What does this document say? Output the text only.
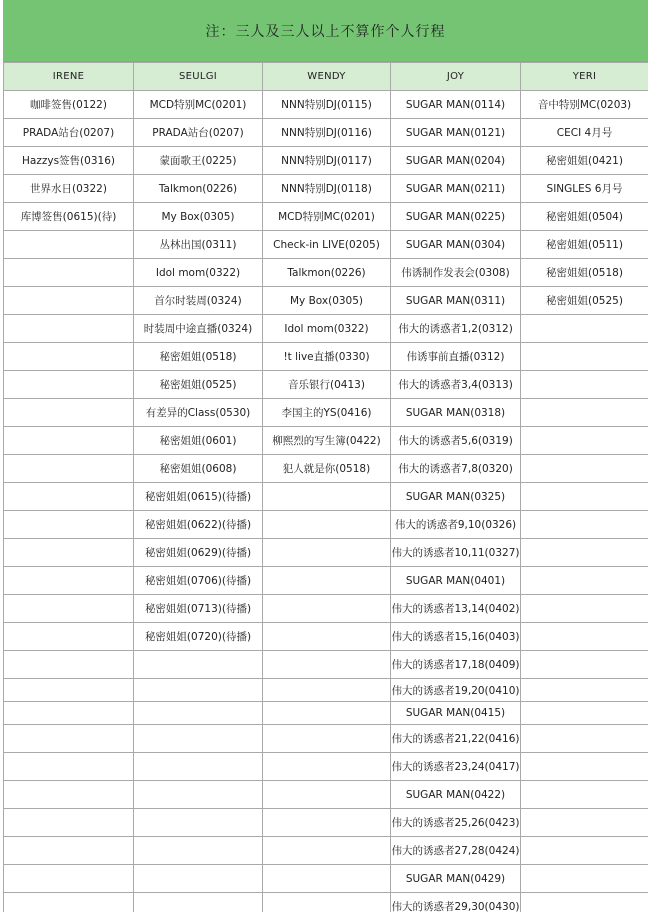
注：三人及三人以上不算作个人行程
IRENE	SEULGI	WENDY	JOY	YERI
咖啡签售(0122)	MCD特别MC(0201)	NNN特别DJ(0115)	SUGAR MAN(0114)	音中特别MC(0203)
PRADA站台(0207)	PRADA站台(0207)	NNN特别DJ(0116)	SUGAR MAN(0121)	CECI 4月号
Hazzys签售(0316)	蒙面歌王(0225)	NNN特别DJ(0117)	SUGAR MAN(0204)	秘密姐姐(0421)
世界水日(0322)	Talkmon(0226)	NNN特别DJ(0118)	SUGAR MAN(0211)	SINGLES 6月号
库博签售(0615)(待)	My Box(0305)	MCD特别MC(0201)	SUGAR MAN(0225)	秘密姐姐(0504)
	丛林出国(0311)	Check-in LIVE(0205)	SUGAR MAN(0304)	秘密姐姐(0511)
	Idol mom(0322)	Talkmon(0226)	伟诱制作发表会(0308)	秘密姐姐(0518)
	首尔时装周(0324)	My Box(0305)	SUGAR MAN(0311)	秘密姐姐(0525)
	时装周中途直播(0324)	Idol mom(0322)	伟大的诱惑者1,2(0312)	
	秘密姐姐(0518)	!t live直播(0330)	伟诱事前直播(0312)	
	秘密姐姐(0525)	音乐银行(0413)	伟大的诱惑者3,4(0313)	
	有差异的Class(0530)	李国主的YS(0416)	SUGAR MAN(0318)	
	秘密姐姐(0601)	柳熙烈的写生簿(0422)	伟大的诱惑者5,6(0319)	
	秘密姐姐(0608)	犯人就是你(0518)	伟大的诱惑者7,8(0320)	
	秘密姐姐(0615)(待播)		SUGAR MAN(0325)	
	秘密姐姐(0622)(待播)		伟大的诱惑者9,10(0326)	
	秘密姐姐(0629)(待播)		伟大的诱惑者10,11(0327)	
	秘密姐姐(0706)(待播)		SUGAR MAN(0401)	
	秘密姐姐(0713)(待播)		伟大的诱惑者13,14(0402)	
	秘密姐姐(0720)(待播)		伟大的诱惑者15,16(0403)	
			伟大的诱惑者17,18(0409)	
			伟大的诱惑者19,20(0410)	
			SUGAR MAN(0415)	
			伟大的诱惑者21,22(0416)	
			伟大的诱惑者23,24(0417)	
			SUGAR MAN(0422)	
			伟大的诱惑者25,26(0423)	
			伟大的诱惑者27,28(0424)	
			SUGAR MAN(0429)	
			伟大的诱惑者29,30(0430)	
